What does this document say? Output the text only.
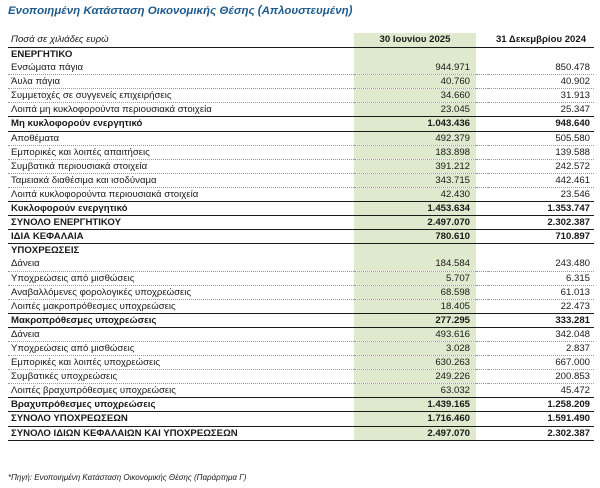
Ενοποιημένη Κατάσταση Οικονομικής Θέσης (Απλουστευμένη)
Ποσά σε χιλιάδες ευρώ	30 Ιουνίου 2025		31 Δεκεμβρίου 2024
ΕΝΕΡΓΗΤΙΚΟ			
Ενσώματα πάγια	944.971		850.478
Άυλα πάγια	40.760		40.902
Συμμετοχές σε συγγενείς επιχειρήσεις	34.660		31.913
Λοιπά μη κυκλοφορούντα περιουσιακά στοιχεία	23.045		25.347
Μη κυκλοφορούν ενεργητικό	1.043.436		948.640
Αποθέματα	492.379		505.580
Εμπορικές και λοιπές απαιτήσεις	183.898		139.588
Συμβατικά περιουσιακά στοιχεία	391.212		242.572
Ταμειακά διαθέσιμα και ισοδύναμα	343.715		442.461
Λοιπά κυκλοφορούντα περιουσιακά στοιχεία	42.430		23.546
Κυκλοφορούν ενεργητικό	1.453.634		1.353.747
ΣΥΝΟΛΟ ΕΝΕΡΓΗΤΙΚΟΥ	2.497.070		2.302.387
ΙΔΙΑ ΚΕΦΑΛΑΙΑ	780.610		710.897
ΥΠΟΧΡΕΩΣΕΙΣ			
Δάνεια	184.584		243.480
Υποχρεώσεις από μισθώσεις	5.707		6.315
Αναβαλλόμενες φορολογικές υποχρεώσεις	68.598		61.013
Λοιπές μακροπρόθεσμες υποχρεώσεις	18.405		22.473
Μακροπρόθεσμες υποχρεώσεις	277.295		333.281
Δάνεια	493.616		342.048
Υποχρεώσεις από μισθώσεις	3.028		2.837
Εμπορικές και λοιπές υποχρεώσεις	630.263		667.000
Συμβατικές υποχρεώσεις	249.226		200.853
Λοιπές βραχυπρόθεσμες υποχρεώσεις	63.032		45.472
Βραχυπρόθεσμες υποχρεώσεις	1.439.165		1.258.209
ΣΥΝΟΛΟ ΥΠΟΧΡΕΩΣΕΩΝ	1.716.460		1.591.490
ΣΥΝΟΛΟ ΙΔΙΩΝ ΚΕΦΑΛΑΙΩΝ ΚΑΙ ΥΠΟΧΡΕΩΣΕΩΝ	2.497.070		2.302.387
*Πηγή: Ενοποιημένη Κατάσταση Οικονομικής Θέσης (Παράρτημα Γ)
